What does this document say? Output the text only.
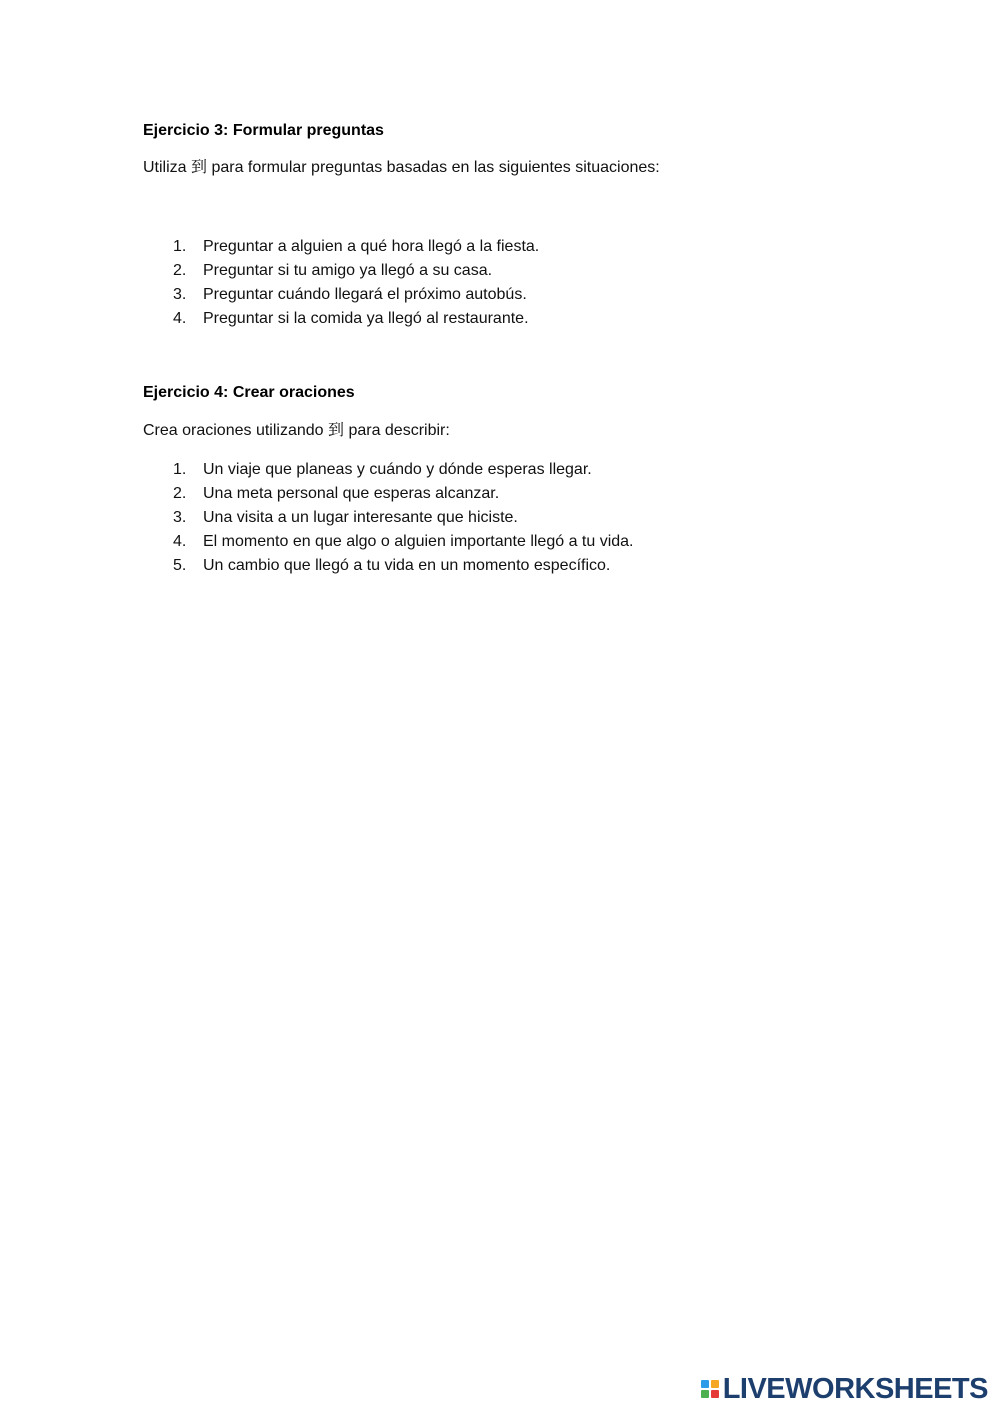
Ejercicio 3: Formular preguntas

Utiliza 到 para formular preguntas basadas en las siguientes situaciones:

1.	Preguntar a alguien a qué hora llegó a la fiesta.
2.	Preguntar si tu amigo ya llegó a su casa.
3.	Preguntar cuándo llegará el próximo autobús.
4.	Preguntar si la comida ya llegó al restaurante.
Ejercicio 4: Crear oraciones

Crea oraciones utilizando 到 para describir:

1.	Un viaje que planeas y cuándo y dónde esperas llegar.
2.	Una meta personal que esperas alcanzar.
3.	Una visita a un lugar interesante que hiciste.
4.	El momento en que algo o alguien importante llegó a tu vida.
5.	Un cambio que llegó a tu vida en un momento específico.
LIVEWORKSHEETS
